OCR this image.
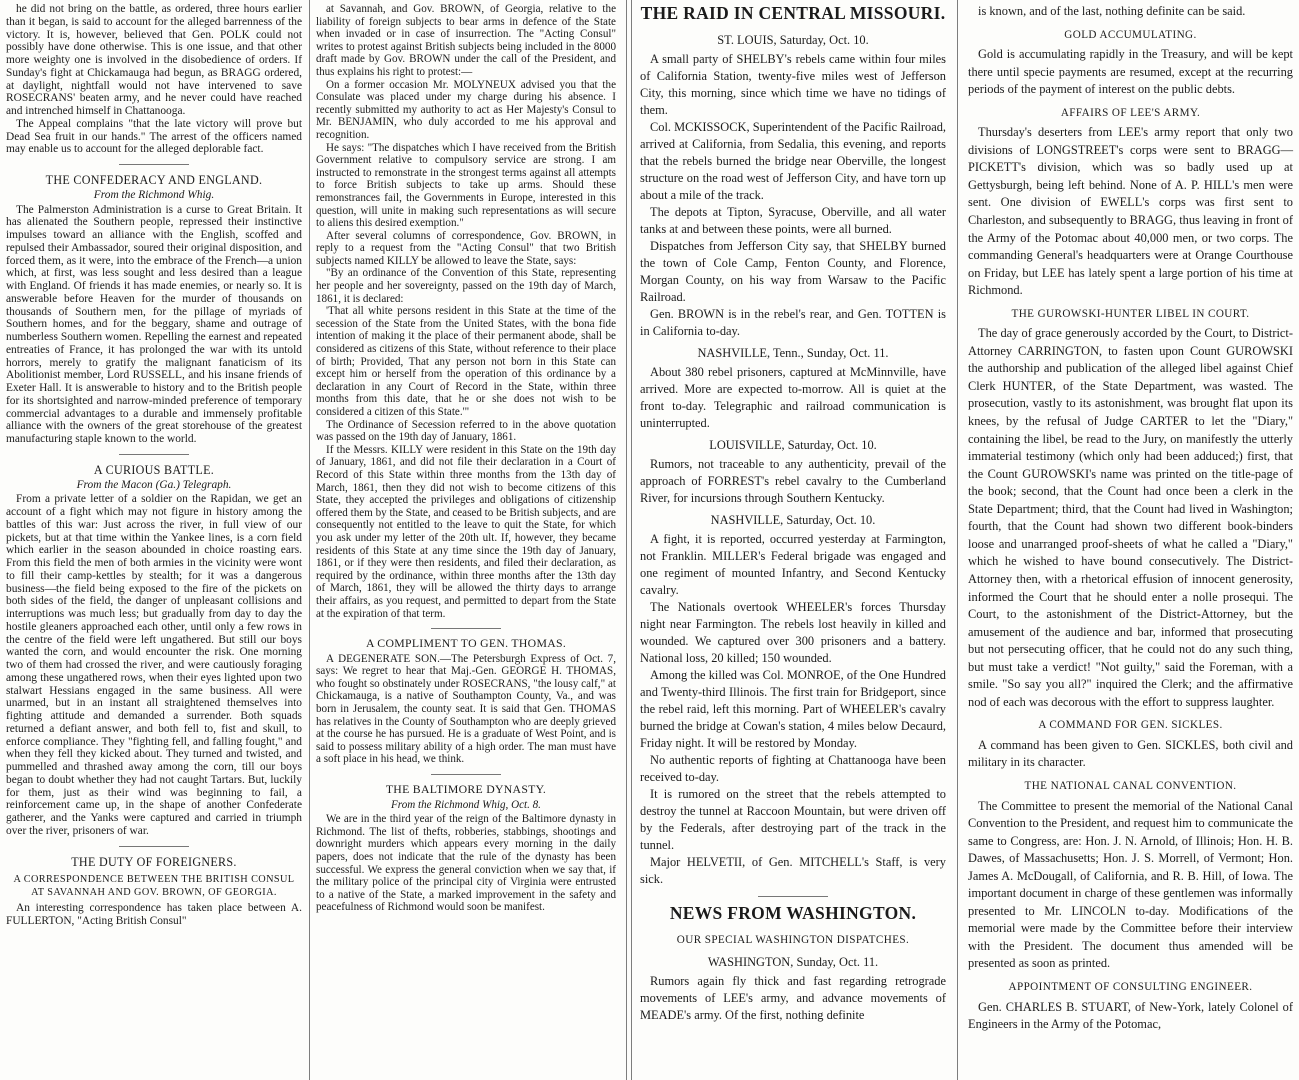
he did not bring on the battle, as ordered, three hours earlier than it began, is said to account for the alleged barrenness of the victory. It is, however, believed that Gen. POLK could not possibly have done otherwise. This is one issue, and that other more weighty one is involved in the disobedience of orders. If Sunday's fight at Chickamauga had begun, as BRAGG ordered, at daylight, nightfall would not have intervened to save ROSECRANS' beaten army, and he never could have reached and intrenched himself in Chattanooga.

The Appeal complains "that the late victory will prove but Dead Sea fruit in our hands." The arrest of the officers named may enable us to account for the alleged deplorable fact.

THE CONFEDERACY AND ENGLAND.
From the Richmond Whig.

The Palmerston Administration is a curse to Great Britain. It has alienated the Southern people, repressed their instinctive impulses toward an alliance with the English, scoffed and repulsed their Ambassador, soured their original disposition, and forced them, as it were, into the embrace of the French—a union which, at first, was less sought and less desired than a league with England. Of friends it has made enemies, or nearly so. It is answerable before Heaven for the murder of thousands on thousands of Southern men, for the pillage of myriads of Southern homes, and for the beggary, shame and outrage of numberless Southern women. Repelling the earnest and repeated entreaties of France, it has prolonged the war with its untold horrors, merely to gratify the malignant fanaticism of its Abolitionist member, Lord RUSSELL, and his insane friends of Exeter Hall. It is answerable to history and to the British people for its shortsighted and narrow-minded preference of temporary commercial advantages to a durable and immensely profitable alliance with the owners of the great storehouse of the greatest manufacturing staple known to the world.

A CURIOUS BATTLE.
From the Macon (Ga.) Telegraph.

From a private letter of a soldier on the Rapidan, we get an account of a fight which may not figure in history among the battles of this war: Just across the river, in full view of our pickets, but at that time within the Yankee lines, is a corn field which earlier in the season abounded in choice roasting ears. From this field the men of both armies in the vicinity were wont to fill their camp-kettles by stealth; for it was a dangerous business—the field being exposed to the fire of the pickets on both sides of the field, the danger of unpleasant collisions and interruptions was much less; but gradually from day to day the hostile gleaners approached each other, until only a few rows in the centre of the field were left ungathered. But still our boys wanted the corn, and would encounter the risk. One morning two of them had crossed the river, and were cautiously foraging among these ungathered rows, when their eyes lighted upon two stalwart Hessians engaged in the same business. All were unarmed, but in an instant all straightened themselves into fighting attitude and demanded a surrender. Both squads returned a defiant answer, and both fell to, fist and skull, to enforce compliance. They "fighting fell, and falling fought," and when they fell they kicked about. They turned and twisted, and pummelled and thrashed away among the corn, till our boys began to doubt whether they had not caught Tartars. But, luckily for them, just as their wind was beginning to fail, a reinforcement came up, in the shape of another Confederate gatherer, and the Yanks were captured and carried in triumph over the river, prisoners of war.

THE DUTY OF FOREIGNERS.
A CORRESPONDENCE BETWEEN THE BRITISH CONSUL AT SAVANNAH AND GOV. BROWN, OF GEORGIA.

An interesting correspondence has taken place between A. FULLERTON, "Acting British Consul"

at Savannah, and Gov. BROWN, of Georgia, relative to the liability of foreign subjects to bear arms in defence of the State when invaded or in case of insurrection. The "Acting Consul" writes to protest against British subjects being included in the 8000 draft made by Gov. BROWN under the call of the President, and thus explains his right to protest:—

On a former occasion Mr. MOLYNEUX advised you that the Consulate was placed under my charge during his absence. I recently submitted my authority to act as Her Majesty's Consul to Mr. BENJAMIN, who duly accorded to me his approval and recognition.

He says: "The dispatches which I have received from the British Government relative to compulsory service are strong. I am instructed to remonstrate in the strongest terms against all attempts to force British subjects to take up arms. Should these remonstrances fail, the Governments in Europe, interested in this question, will unite in making such representations as will secure to aliens this desired exemption."

After several columns of correspondence, Gov. BROWN, in reply to a request from the "Acting Consul" that two British subjects named KILLY be allowed to leave the State, says:

"By an ordinance of the Convention of this State, representing her people and her sovereignty, passed on the 19th day of March, 1861, it is declared:

'That all white persons resident in this State at the time of the secession of the State from the United States, with the bona fide intention of making it the place of their permanent abode, shall be considered as citizens of this State, without reference to their place of birth; Provided, That any person not born in this State can except him or herself from the operation of this ordinance by a declaration in any Court of Record in the State, within three months from this date, that he or she does not wish to be considered a citizen of this State.'"

The Ordinance of Secession referred to in the above quotation was passed on the 19th day of January, 1861.

If the Messrs. KILLY were resident in this State on the 19th day of January, 1861, and did not file their declaration in a Court of Record of this State within three months from the 13th day of March, 1861, then they did not wish to become citizens of this State, they accepted the privileges and obligations of citizenship offered them by the State, and ceased to be British subjects, and are consequently not entitled to the leave to quit the State, for which you ask under my letter of the 20th ult. If, however, they became residents of this State at any time since the 19th day of January, 1861, or if they were then residents, and filed their declaration, as required by the ordinance, within three months after the 13th day of March, 1861, they will be allowed the thirty days to arrange their affairs, as you request, and permitted to depart from the State at the expiration of that term.

A COMPLIMENT TO GEN. THOMAS.

A DEGENERATE SON.—The Petersburgh Express of Oct. 7, says: We regret to hear that Maj.-Gen. GEORGE H. THOMAS, who fought so obstinately under ROSECRANS, "the lousy calf," at Chickamauga, is a native of Southampton County, Va., and was born in Jerusalem, the county seat. It is said that Gen. THOMAS has relatives in the County of Southampton who are deeply grieved at the course he has pursued. He is a graduate of West Point, and is said to possess military ability of a high order. The man must have a soft place in his head, we think.

THE BALTIMORE DYNASTY.
From the Richmond Whig, Oct. 8.

We are in the third year of the reign of the Baltimore dynasty in Richmond. The list of thefts, robberies, stabbings, shootings and downright murders which appears every morning in the daily papers, does not indicate that the rule of the dynasty has been successful. We express the general conviction when we say that, if the military police of the principal city of Virginia were entrusted to a native of the State, a marked improvement in the safety and peacefulness of Richmond would soon be manifest.

THE RAID IN CENTRAL MISSOURI.
ST. LOUIS, Saturday, Oct. 10.

A small party of SHELBY's rebels came within four miles of California Station, twenty-five miles west of Jefferson City, this morning, since which time we have no tidings of them.

Col. MCKISSOCK, Superintendent of the Pacific Railroad, arrived at California, from Sedalia, this evening, and reports that the rebels burned the bridge near Oberville, the longest structure on the road west of Jefferson City, and have torn up about a mile of the track.

The depots at Tipton, Syracuse, Oberville, and all water tanks at and between these points, were all burned.

Dispatches from Jefferson City say, that SHELBY burned the town of Cole Camp, Fenton County, and Florence, Morgan County, on his way from Warsaw to the Pacific Railroad.

Gen. BROWN is in the rebel's rear, and Gen. TOTTEN is in California to-day.

NASHVILLE, Tenn., Sunday, Oct. 11.

About 380 rebel prisoners, captured at McMinnville, have arrived. More are expected to-morrow. All is quiet at the front to-day. Telegraphic and railroad communication is uninterrupted.

LOUISVILLE, Saturday, Oct. 10.

Rumors, not traceable to any authenticity, prevail of the approach of FORREST's rebel cavalry to the Cumberland River, for incursions through Southern Kentucky.

NASHVILLE, Saturday, Oct. 10.

A fight, it is reported, occurred yesterday at Farmington, not Franklin. MILLER's Federal brigade was engaged and one regiment of mounted Infantry, and Second Kentucky cavalry.

The Nationals overtook WHEELER's forces Thursday night near Farmington. The rebels lost heavily in killed and wounded. We captured over 300 prisoners and a battery. National loss, 20 killed; 150 wounded.

Among the killed was Col. MONROE, of the One Hundred and Twenty-third Illinois. The first train for Bridgeport, since the rebel raid, left this morning. Part of WHEELER's cavalry burned the bridge at Cowan's station, 4 miles below Decaurd, Friday night. It will be restored by Monday.

No authentic reports of fighting at Chattanooga have been received to-day.

It is rumored on the street that the rebels attempted to destroy the tunnel at Raccoon Mountain, but were driven off by the Federals, after destroying part of the track in the tunnel.

Major HELVETII, of Gen. MITCHELL's Staff, is very sick.

NEWS FROM WASHINGTON.
OUR SPECIAL WASHINGTON DISPATCHES.
WASHINGTON, Sunday, Oct. 11.

Rumors again fly thick and fast regarding retrograde movements of LEE's army, and advance movements of MEADE's army. Of the first, nothing definite

is known, and of the last, nothing definite can be said.

GOLD ACCUMULATING.

Gold is accumulating rapidly in the Treasury, and will be kept there until specie payments are resumed, except at the recurring periods of the payment of interest on the public debts.

AFFAIRS OF LEE'S ARMY.

Thursday's deserters from LEE's army report that only two divisions of LONGSTREET's corps were sent to BRAGG—PICKETT's division, which was so badly used up at Gettysburgh, being left behind. None of A. P. HILL's men were sent. One division of EWELL's corps was first sent to Charleston, and subsequently to BRAGG, thus leaving in front of the Army of the Potomac about 40,000 men, or two corps. The commanding General's headquarters were at Orange Courthouse on Friday, but LEE has lately spent a large portion of his time at Richmond.

THE GUROWSKI-HUNTER LIBEL IN COURT.

The day of grace generously accorded by the Court, to District-Attorney CARRINGTON, to fasten upon Count GUROWSKI the authorship and publication of the alleged libel against Chief Clerk HUNTER, of the State Department, was wasted. The prosecution, vastly to its astonishment, was brought flat upon its knees, by the refusal of Judge CARTER to let the "Diary," containing the libel, be read to the Jury, on manifestly the utterly immaterial testimony (which only had been adduced;) first, that the Count GUROWSKI's name was printed on the title-page of the book; second, that the Count had once been a clerk in the State Department; third, that the Count had lived in Washington; fourth, that the Count had shown two different book-binders loose and unarranged proof-sheets of what he called a "Diary," which he wished to have bound consecutively. The District-Attorney then, with a rhetorical effusion of innocent generosity, informed the Court that he should enter a nolle prosequi. The Court, to the astonishment of the District-Attorney, but the amusement of the audience and bar, informed that prosecuting but not persecuting officer, that he could not do any such thing, but must take a verdict! "Not guilty," said the Foreman, with a smile. "So say you all?" inquired the Clerk; and the affirmative nod of each was decorous with the effort to suppress laughter.

A COMMAND FOR GEN. SICKLES.

A command has been given to Gen. SICKLES, both civil and military in its character.

THE NATIONAL CANAL CONVENTION.

The Committee to present the memorial of the National Canal Convention to the President, and request him to communicate the same to Congress, are: Hon. J. N. Arnold, of Illinois; Hon. H. B. Dawes, of Massachusetts; Hon. J. S. Morrell, of Vermont; Hon. James A. McDougall, of California, and R. B. Hill, of Iowa. The important document in charge of these gentlemen was informally presented to Mr. LINCOLN to-day. Modifications of the memorial were made by the Committee before their interview with the President. The document thus amended will be presented as soon as printed.

APPOINTMENT OF CONSULTING ENGINEER.

Gen. CHARLES B. STUART, of New-York, lately Colonel of Engineers in the Army of the Potomac,
